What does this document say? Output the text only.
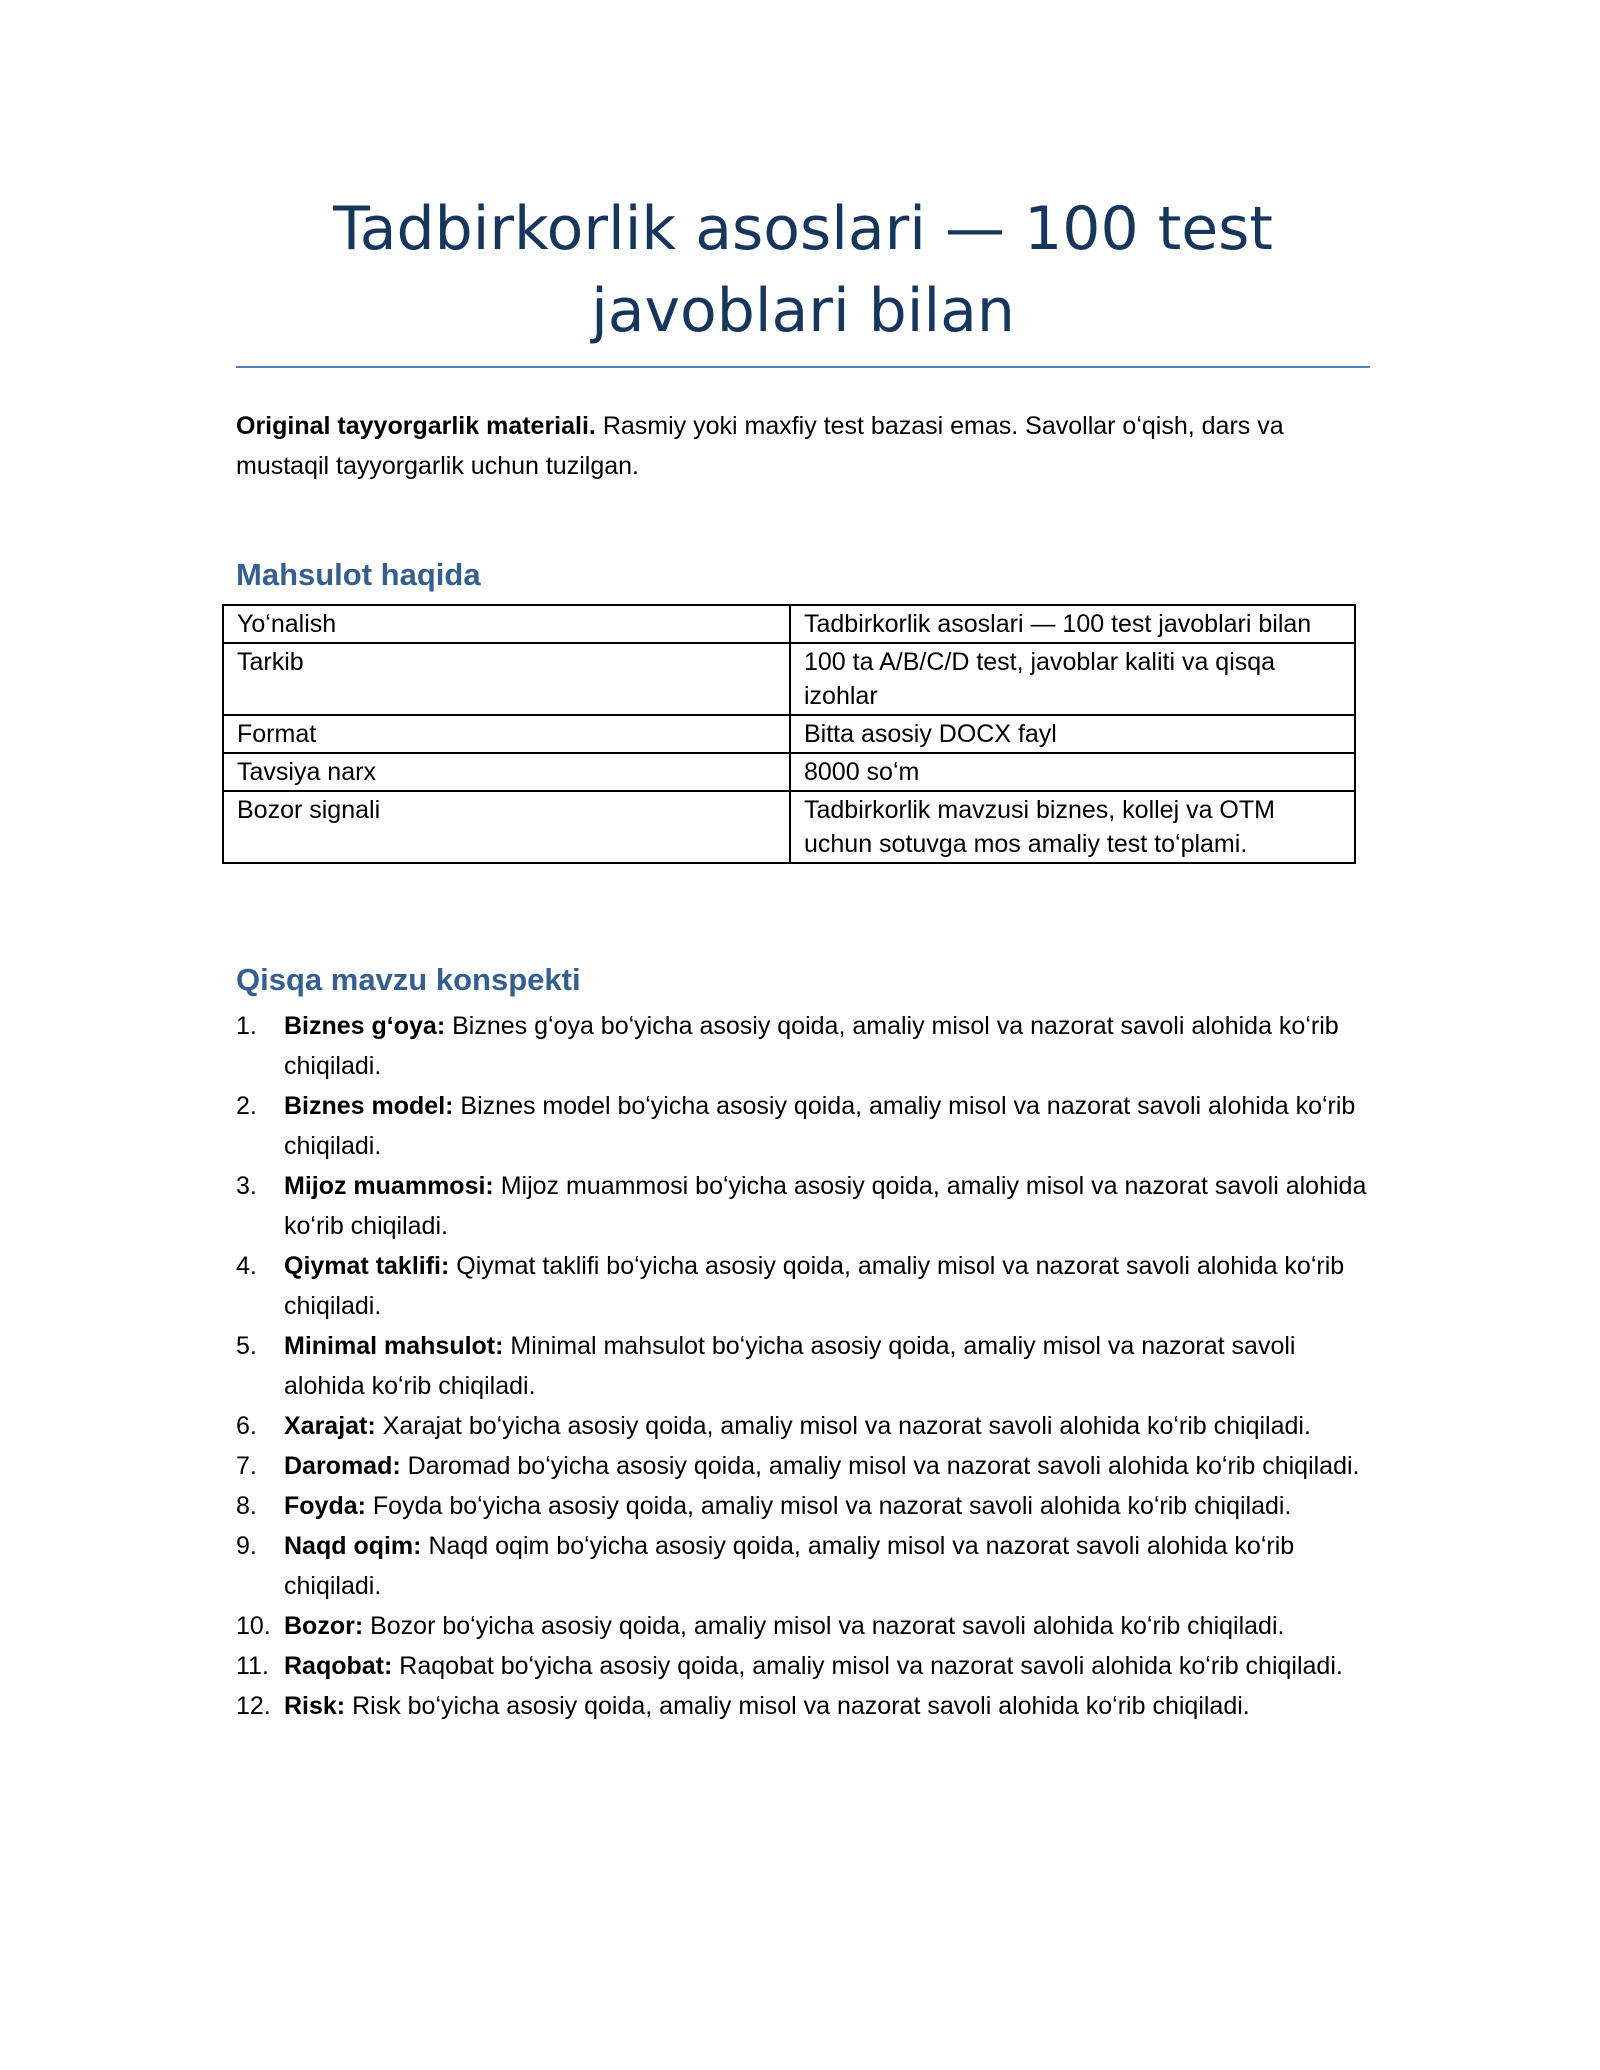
Tadbirkorlik asoslari — 100 test
javoblari bilan

Original tayyorgarlik materiali. Rasmiy yoki maxfiy test bazasi emas. Savollar oʻqish, dars va mustaqil tayyorgarlik uchun tuzilgan.

Mahsulot haqida
Yoʻnalish	Tadbirkorlik asoslari — 100 test javoblari bilan
Tarkib	100 ta A/B/C/D test, javoblar kaliti va qisqa izohlar
Format	Bitta asosiy DOCX fayl
Tavsiya narx	8000 soʻm
Bozor signali	Tadbirkorlik mavzusi biznes, kollej va OTM uchun sotuvga mos amaliy test toʻplami.
Qisqa mavzu konspekti
1. Biznes gʻoya: Biznes gʻoya boʻyicha asosiy qoida, amaliy misol va nazorat savoli alohida koʻrib chiqiladi.
2. Biznes model: Biznes model boʻyicha asosiy qoida, amaliy misol va nazorat savoli alohida koʻrib chiqiladi.
3. Mijoz muammosi: Mijoz muammosi boʻyicha asosiy qoida, amaliy misol va nazorat savoli alohida koʻrib chiqiladi.
4. Qiymat taklifi: Qiymat taklifi boʻyicha asosiy qoida, amaliy misol va nazorat savoli alohida koʻrib chiqiladi.
5. Minimal mahsulot: Minimal mahsulot boʻyicha asosiy qoida, amaliy misol va nazorat savoli alohida koʻrib chiqiladi.
6. Xarajat: Xarajat boʻyicha asosiy qoida, amaliy misol va nazorat savoli alohida koʻrib chiqiladi.
7. Daromad: Daromad boʻyicha asosiy qoida, amaliy misol va nazorat savoli alohida koʻrib chiqiladi.
8. Foyda: Foyda boʻyicha asosiy qoida, amaliy misol va nazorat savoli alohida koʻrib chiqiladi.
9. Naqd oqim: Naqd oqim boʻyicha asosiy qoida, amaliy misol va nazorat savoli alohida koʻrib chiqiladi.
10. Bozor: Bozor boʻyicha asosiy qoida, amaliy misol va nazorat savoli alohida koʻrib chiqiladi.
11. Raqobat: Raqobat boʻyicha asosiy qoida, amaliy misol va nazorat savoli alohida koʻrib chiqiladi.
12. Risk: Risk boʻyicha asosiy qoida, amaliy misol va nazorat savoli alohida koʻrib chiqiladi.
